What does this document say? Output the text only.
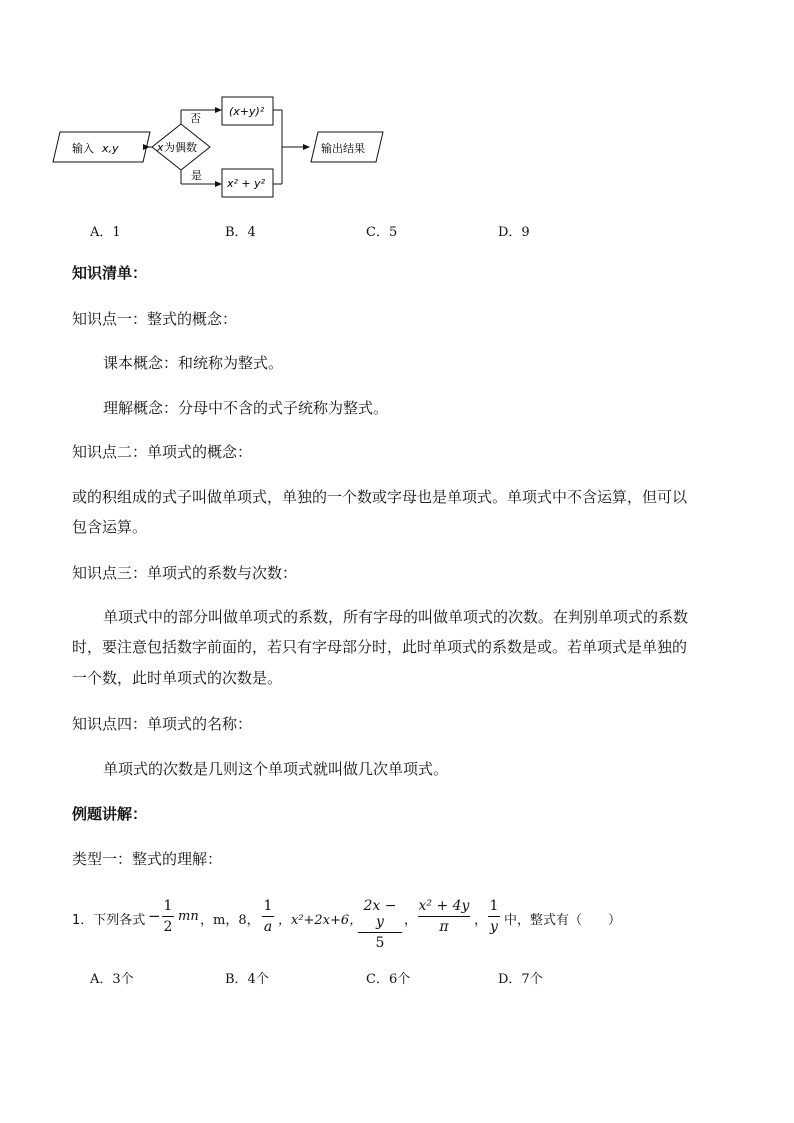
输入 x,y	x 为偶数
否
是
(x+y)²
x² + y²
输出结果
A．1	B．4	C．5	D．9
知识清单：
知识点一：整式的概念：
课本概念：和统称为整式。
理解概念：分母中不含的式子统称为整式。
知识点二：单项式的概念：
或的积组成的式子叫做单项式，单独的一个数或字母也是单项式。单项式中不含运算，但可以
包含运算。
知识点三：单项式的系数与次数：
单项式中的部分叫做单项式的系数，所有字母的叫做单项式的次数。在判别单项式的系数
时，要注意包括数字前面的，若只有字母部分时，此时单项式的系数是或。若单项式是单独的
一个数，此时单项式的次数是。
知识点四：单项式的名称：
单项式的次数是几则这个单项式就叫做几次单项式。
例题讲解：
类型一：整式的理解：
1．下列各式 −
1
2
mn ，m，8，
1
a ，x²+2x+6，
2x − y
5
，
x² + 4y
π	，
1
y 中，整式有（　　）
A．3个	B．4个	C．6个	D．7个
